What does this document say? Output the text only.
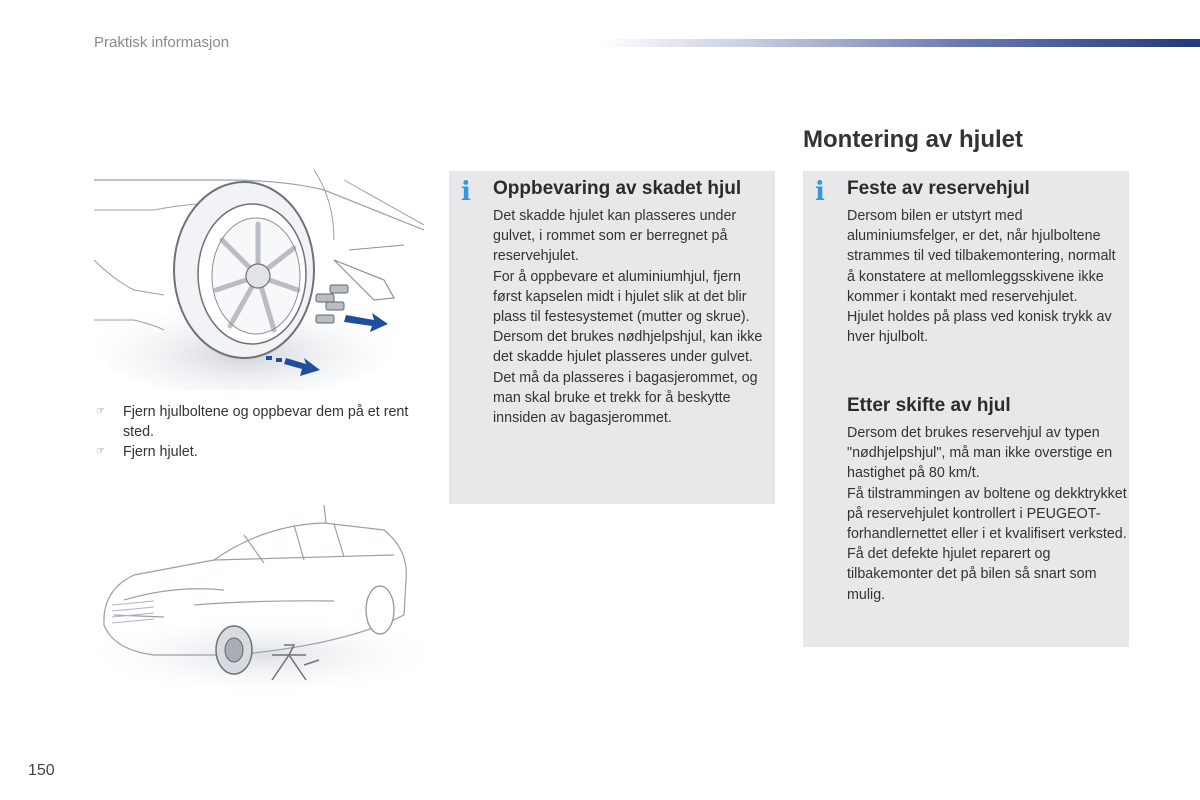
Praktisk informasjon
☞ Fjern hjulboltene og oppbevar dem på et rent sted.
☞ Fjern hjulet.
i Oppbevaring av skadet hjul

Det skadde hjulet kan plasseres under gulvet, i rommet som er berregnet på reservehjulet.

For å oppbevare et aluminiumhjul, fjern først kapselen midt i hjulet slik at det blir plass til festesystemet (mutter og skrue).

Dersom det brukes nødhjelpshjul, kan ikke det skadde hjulet plasseres under gulvet. Det må da plasseres i bagasjerommet, og man skal bruke et trekk for å beskytte innsiden av bagasjerommet.

Montering av hjulet
i Feste av reservehjul

Dersom bilen er utstyrt med aluminiumsfelger, er det, når hjulboltene strammes til ved tilbakemontering, normalt å konstatere at mellomleggsskivene ikke kommer i kontakt med reservehjulet. Hjulet holdes på plass ved konisk trykk av hver hjulbolt.

Etter skifte av hjul

Dersom det brukes reservehjul av typen "nødhjelpshjul", må man ikke overstige en hastighet på 80 km/t.

Få tilstrammingen av boltene og dekktrykket på reservehjulet kontrollert i PEUGEOT-forhandlernettet eller i et kvalifisert verksted.

Få det defekte hjulet reparert og tilbakemonter det på bilen så snart som mulig.

150
